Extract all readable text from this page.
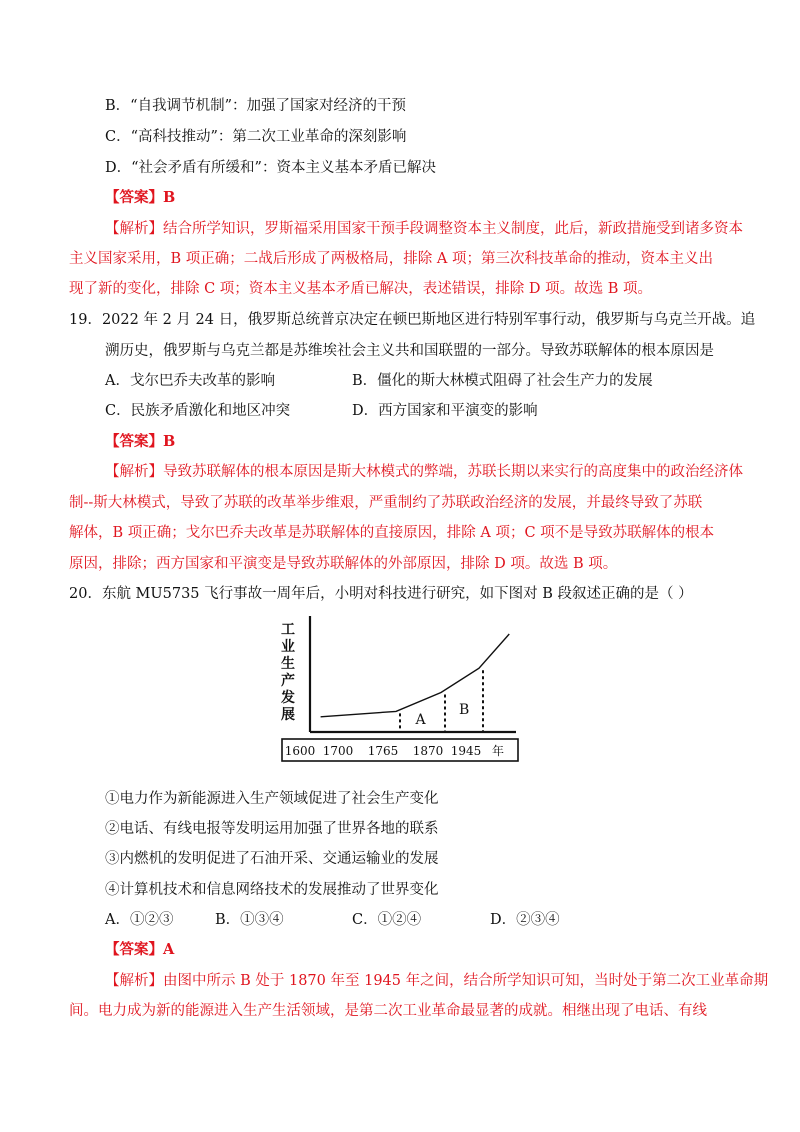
B．“自我调节机制”：加强了国家对经济的干预
C．“高科技推动”：第二次工业革命的深刻影响
D．“社会矛盾有所缓和”：资本主义基本矛盾已解决
【答案】B
【解析】结合所学知识，罗斯福采用国家干预手段调整资本主义制度，此后，新政措施受到诸多资本
主义国家采用，B 项正确；二战后形成了两极格局，排除 A 项；第三次科技革命的推动，资本主义出
现了新的变化，排除 C 项；资本主义基本矛盾已解决，表述错误，排除 D 项。故选 B 项。
19．2022 年 2 月 24 日，俄罗斯总统普京决定在顿巴斯地区进行特别军事行动，俄罗斯与乌克兰开战。追
溯历史，俄罗斯与乌克兰都是苏维埃社会主义共和国联盟的一部分。导致苏联解体的根本原因是
A．戈尔巴乔夫改革的影响	B．僵化的斯大林模式阻碍了社会生产力的发展
C．民族矛盾激化和地区冲突	D．西方国家和平演变的影响
【答案】B
【解析】导致苏联解体的根本原因是斯大林模式的弊端，苏联长期以来实行的高度集中的政治经济体
制--斯大林模式，导致了苏联的改革举步维艰，严重制约了苏联政治经济的发展，并最终导致了苏联
解体，B 项正确；戈尔巴乔夫改革是苏联解体的直接原因，排除 A 项；C 项不是导致苏联解体的根本
原因，排除；西方国家和平演变是导致苏联解体的外部原因，排除 D 项。故选 B 项。
20．东航 MU5735 飞行事故一周年后，小明对科技进行研究，如下图对 B 段叙述正确的是（ ）
工
业
生
产
发
展	A
B
1600 1700 1765 1870 1945 年
①电力作为新能源进入生产领域促进了社会生产变化
②电话、有线电报等发明运用加强了世界各地的联系
③内燃机的发明促进了石油开采、交通运输业的发展
④计算机技术和信息网络技术的发展推动了世界变化
A．①②③	B．①③④	C．①②④	D．②③④
【答案】A
【解析】由图中所示 B 处于 1870 年至 1945 年之间，结合所学知识可知，当时处于第二次工业革命期
间。电力成为新的能源进入生产生活领域，是第二次工业革命最显著的成就。相继出现了电话、有线
